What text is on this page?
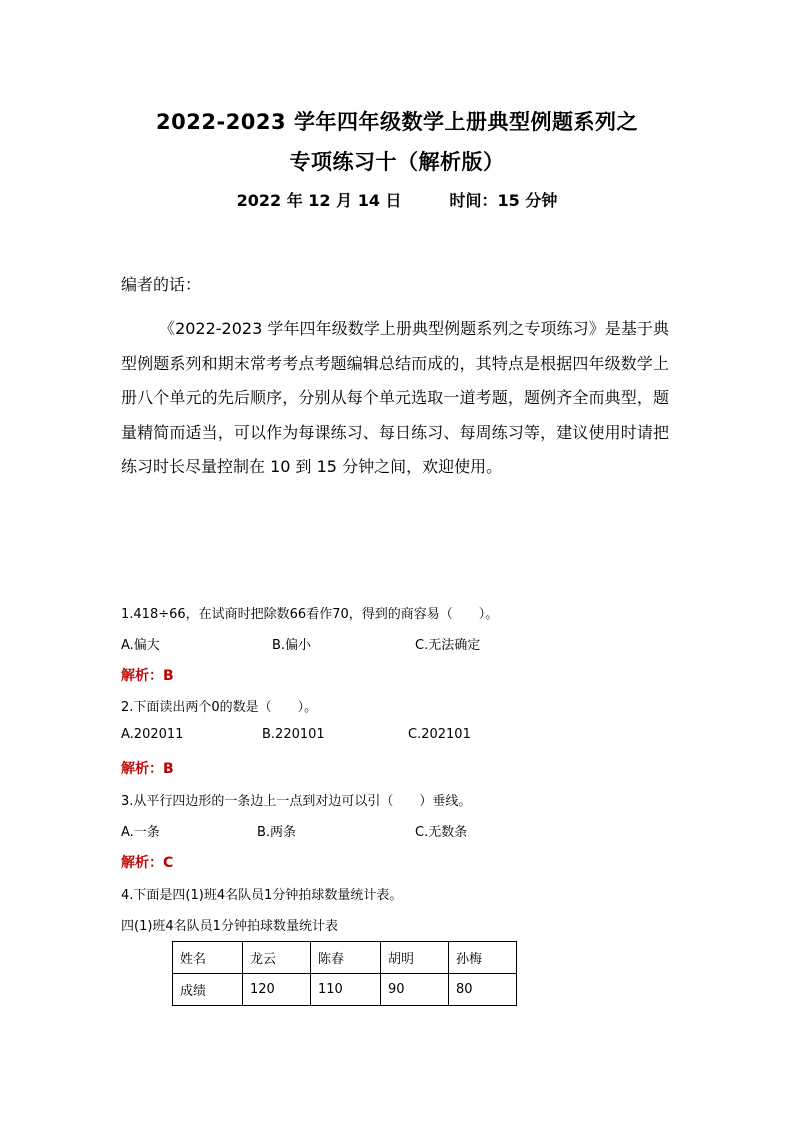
2022-2023 学年四年级数学上册典型例题系列之
专项练习十（解析版）
2022 年 12 月 14 日	时间：15 分钟
编者的话：
《2022-2023 学年四年级数学上册典型例题系列之专项练习》是基于典型例题系列和期末常考考点考题编辑总结而成的，其特点是根据四年级数学上册八个单元的先后顺序，分别从每个单元选取一道考题，题例齐全而典型，题量精简而适当，可以作为每课练习、每日练习、每周练习等，建议使用时请把练习时长尽量控制在 10 到 15 分钟之间，欢迎使用。
1.418÷66，在试商时把除数66看作70，得到的商容易（　　）。
A.偏大	B.偏小	C.无法确定
解析：B
2.下面读出两个0的数是（　　）。
A.202011	B.220101	C.202101
解析：B
3.从平行四边形的一条边上一点到对边可以引（　　）垂线。
A.一条	B.两条	C.无数条
解析：C
4.下面是四(1)班4名队员1分钟拍球数量统计表。
四(1)班4名队员1分钟拍球数量统计表
姓名	龙云	陈春	胡明	孙梅
成绩	120	110	90	80
